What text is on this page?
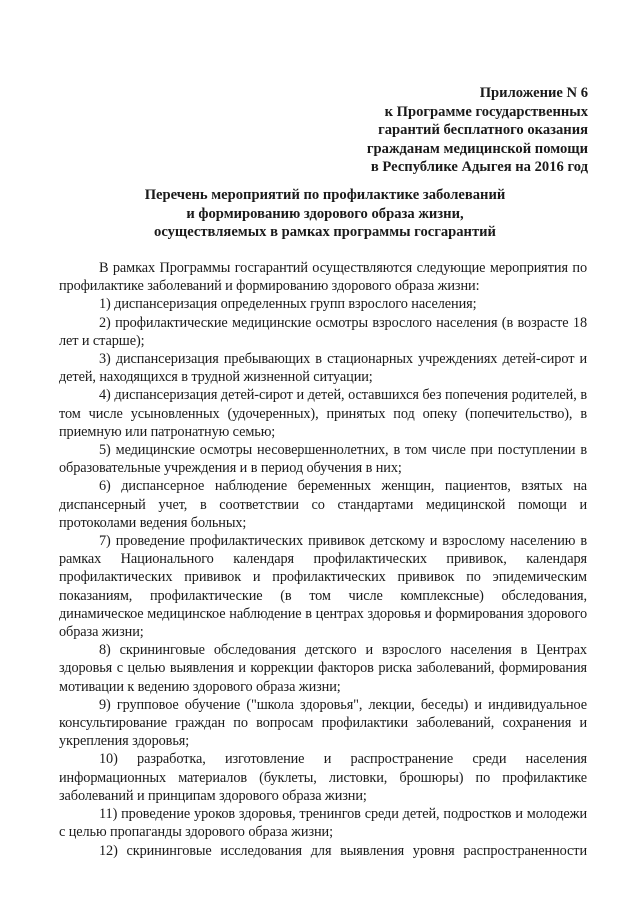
Приложение N 6
к Программе государственных
гарантий бесплатного оказания
гражданам медицинской помощи
в Республике Адыгея на 2016 год
Перечень мероприятий по профилактике заболеваний
и формированию здорового образа жизни,
осуществляемых в рамках программы госгарантий

В рамках Программы госгарантий осуществляются следующие мероприятия по профилактике заболеваний и формированию здорового образа жизни:

1) диспансеризация определенных групп взрослого населения;

2) профилактические медицинские осмотры взрослого населения (в возрасте 18 лет и старше);

3) диспансеризация пребывающих в стационарных учреждениях детей-сирот и детей, находящихся в трудной жизненной ситуации;

4) диспансеризация детей-сирот и детей, оставшихся без попечения родителей, в том числе усыновленных (удочеренных), принятых под опеку (попечительство), в приемную или патронатную семью;

5) медицинские осмотры несовершеннолетних, в том числе при поступлении в образовательные учреждения и в период обучения в них;

6) диспансерное наблюдение беременных женщин, пациентов, взятых на диспансерный учет, в соответствии со стандартами медицинской помощи и протоколами ведения больных;

7) проведение профилактических прививок детскому и взрослому населению в рамках Национального календаря профилактических прививок, календаря профилактических прививок и профилактических прививок по эпидемическим показаниям, профилактические (в том числе комплексные) обследования, динамическое медицинское наблюдение в центрах здоровья и формирования здорового образа жизни;

8) скрининговые обследования детского и взрослого населения в Центрах здоровья с целью выявления и коррекции факторов риска заболеваний, формирования мотивации к ведению здорового образа жизни;

9) групповое обучение ("школа здоровья", лекции, беседы) и индивидуальное консультирование граждан по вопросам профилактики заболеваний, сохранения и укрепления здоровья;

10) разработка, изготовление и распространение среди населения информационных материалов (буклеты, листовки, брошюры) по профилактике заболеваний и принципам здорового образа жизни;

11) проведение уроков здоровья, тренингов среди детей, подростков и молодежи с целью пропаганды здорового образа жизни;

12) скрининговые исследования для выявления уровня распространенности
